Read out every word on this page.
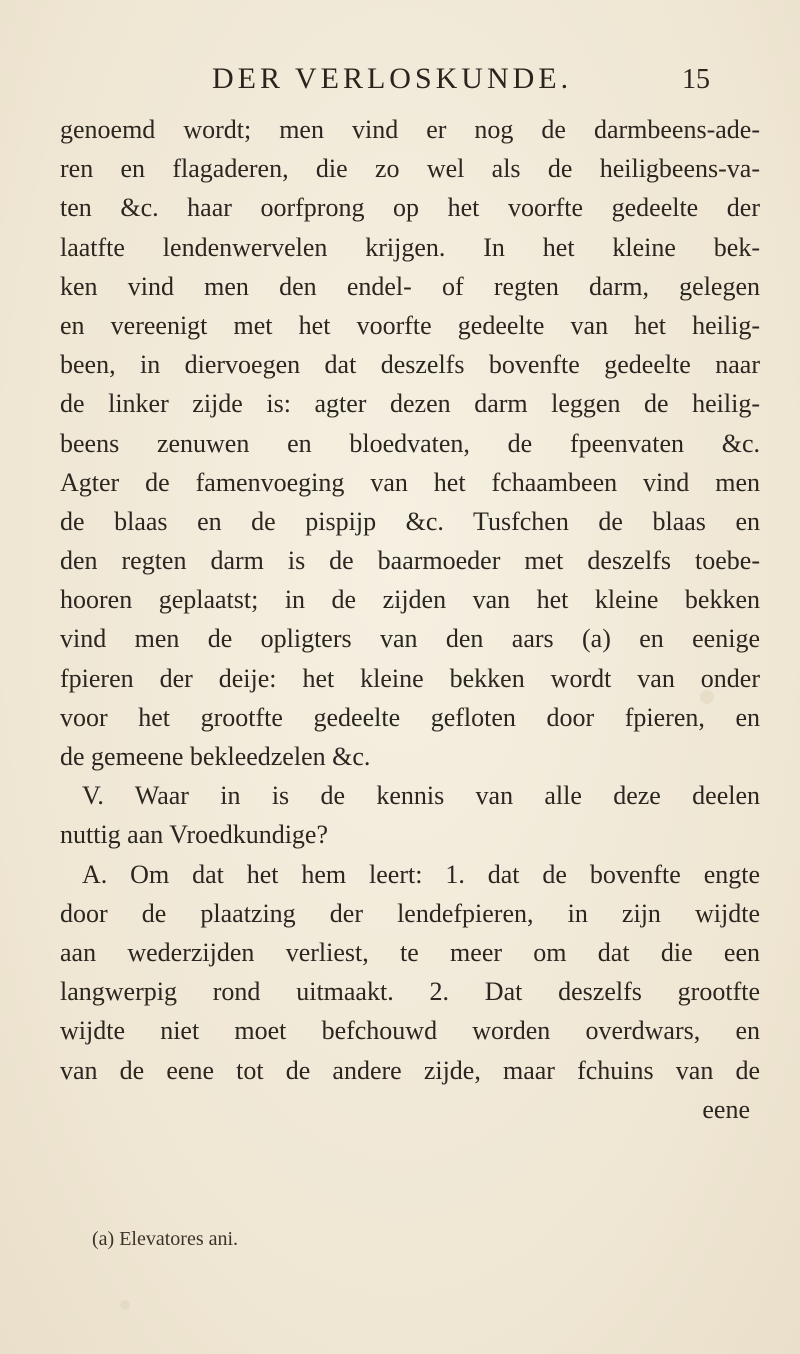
DER VERLOSKUNDE.	15
genoemd wordt; men vind er nog de darmbeens-ade-
ren en flagaderen, die zo wel als de heiligbeens-va-
ten &c. haar oorfprong op het voorfte gedeelte der
laatfte lendenwervelen krijgen. In het kleine bek-
ken vind men den endel- of regten darm, gelegen
en vereenigt met het voorfte gedeelte van het heilig-
been, in diervoegen dat deszelfs bovenfte gedeelte naar
de linker zijde is: agter dezen darm leggen de heilig-
beens zenuwen en bloedvaten, de fpeenvaten &c.
Agter de famenvoeging van het fchaambeen vind men
de blaas en de pispijp &c. Tusfchen de blaas en
den regten darm is de baarmoeder met deszelfs toebe-
hooren geplaatst; in de zijden van het kleine bekken
vind men de opligters van den aars (a) en eenige
fpieren der deije: het kleine bekken wordt van onder
voor het grootfte gedeelte gefloten door fpieren, en
de gemeene bekleedzelen &c.
V. Waar in is de kennis van alle deze deelen
nuttig aan Vroedkundige?
A. Om dat het hem leert: 1. dat de bovenfte engte
door de plaatzing der lendefpieren, in zijn wijdte
aan wederzijden verliest, te meer om dat die een
langwerpig rond uitmaakt. 2. Dat deszelfs grootfte
wijdte niet moet befchouwd worden overdwars, en
van de eene tot de andere zijde, maar fchuins van de
eene
(a) Elevatores ani.
